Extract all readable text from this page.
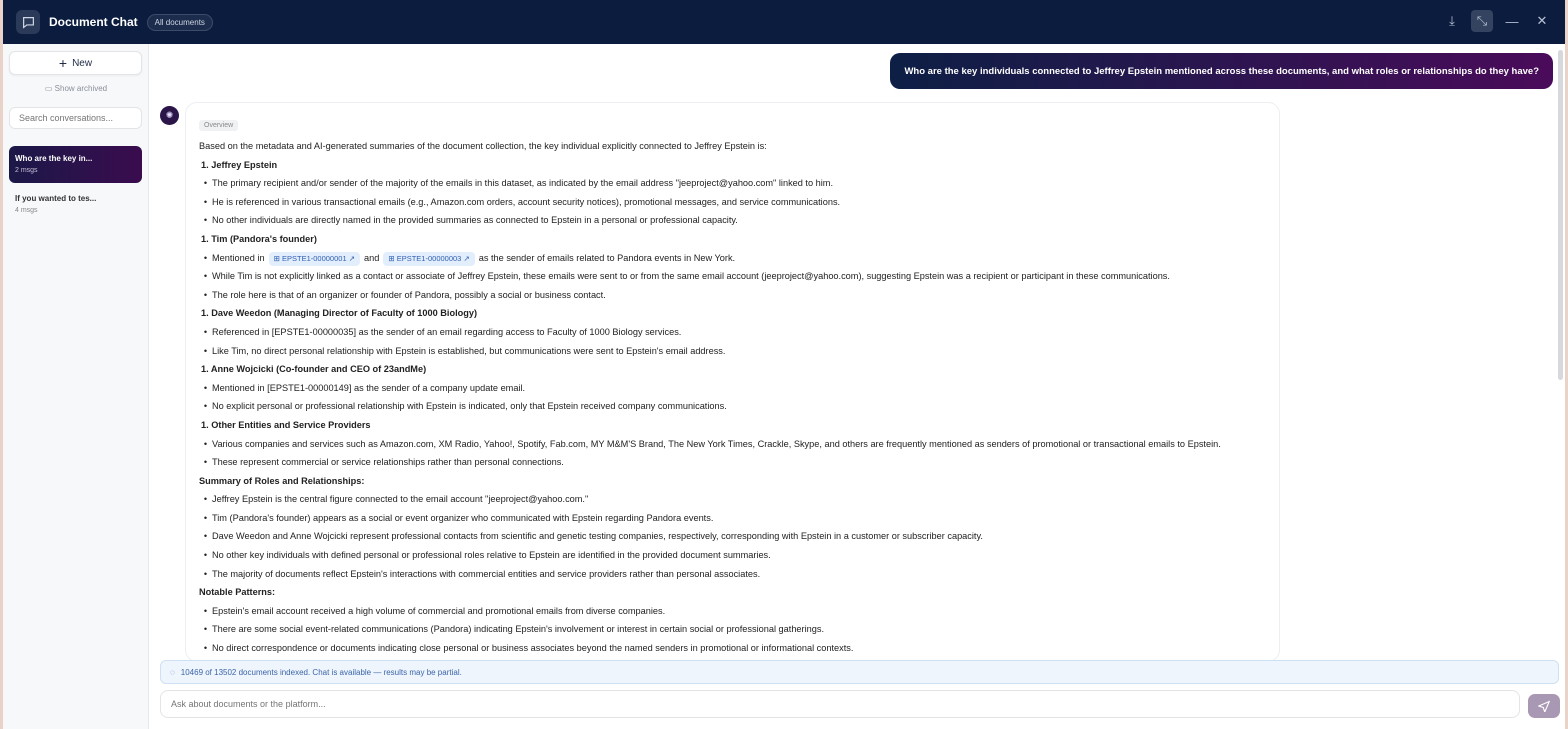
Document Chat	All documents	⤓	⤡	—	✕
+ New
▭ Show archived
Search conversations...
Who are the key in...
2 msgs
If you wanted to tes...
4 msgs
Who are the key individuals connected to Jeffrey Epstein mentioned across these documents, and what roles or relationships do they have?
✺
Overview
Based on the metadata and AI-generated summaries of the document collection, the key individual explicitly connected to Jeffrey Epstein is:
1. Jeffrey Epstein
• The primary recipient and/or sender of the majority of the emails in this dataset, as indicated by the email address "jeeproject@yahoo.com" linked to him.
• He is referenced in various transactional emails (e.g., Amazon.com orders, account security notices), promotional messages, and service communications.
• No other individuals are directly named in the provided summaries as connected to Epstein in a personal or professional capacity.
1. Tim (Pandora's founder)
• Mentioned in ⊞ EPSTE1-00000001 ↗ and ⊞ EPSTE1-00000003 ↗ as the sender of emails related to Pandora events in New York.
• While Tim is not explicitly linked as a contact or associate of Jeffrey Epstein, these emails were sent to or from the same email account (jeeproject@yahoo.com), suggesting Epstein was a recipient or participant in these communications.
• The role here is that of an organizer or founder of Pandora, possibly a social or business contact.
1. Dave Weedon (Managing Director of Faculty of 1000 Biology)
• Referenced in [EPSTE1-00000035] as the sender of an email regarding access to Faculty of 1000 Biology services.
• Like Tim, no direct personal relationship with Epstein is established, but communications were sent to Epstein's email address.
1. Anne Wojcicki (Co-founder and CEO of 23andMe)
• Mentioned in [EPSTE1-00000149] as the sender of a company update email.
• No explicit personal or professional relationship with Epstein is indicated, only that Epstein received company communications.
1. Other Entities and Service Providers
• Various companies and services such as Amazon.com, XM Radio, Yahoo!, Spotify, Fab.com, MY M&M'S Brand, The New York Times, Crackle, Skype, and others are frequently mentioned as senders of promotional or transactional emails to Epstein.
• These represent commercial or service relationships rather than personal connections.
Summary of Roles and Relationships:
• Jeffrey Epstein is the central figure connected to the email account "jeeproject@yahoo.com."
• Tim (Pandora's founder) appears as a social or event organizer who communicated with Epstein regarding Pandora events.
• Dave Weedon and Anne Wojcicki represent professional contacts from scientific and genetic testing companies, respectively, corresponding with Epstein in a customer or subscriber capacity.
• No other key individuals with defined personal or professional roles relative to Epstein are identified in the provided document summaries.
• The majority of documents reflect Epstein's interactions with commercial entities and service providers rather than personal associates.
Notable Patterns:
• Epstein's email account received a high volume of commercial and promotional emails from diverse companies.
• There are some social event-related communications (Pandora) indicating Epstein's involvement or interest in certain social or professional gatherings.
• No direct correspondence or documents indicating close personal or business associates beyond the named senders in promotional or informational contexts.
◌ 10469 of 13502 documents indexed. Chat is available — results may be partial.
Ask about documents or the platform...
